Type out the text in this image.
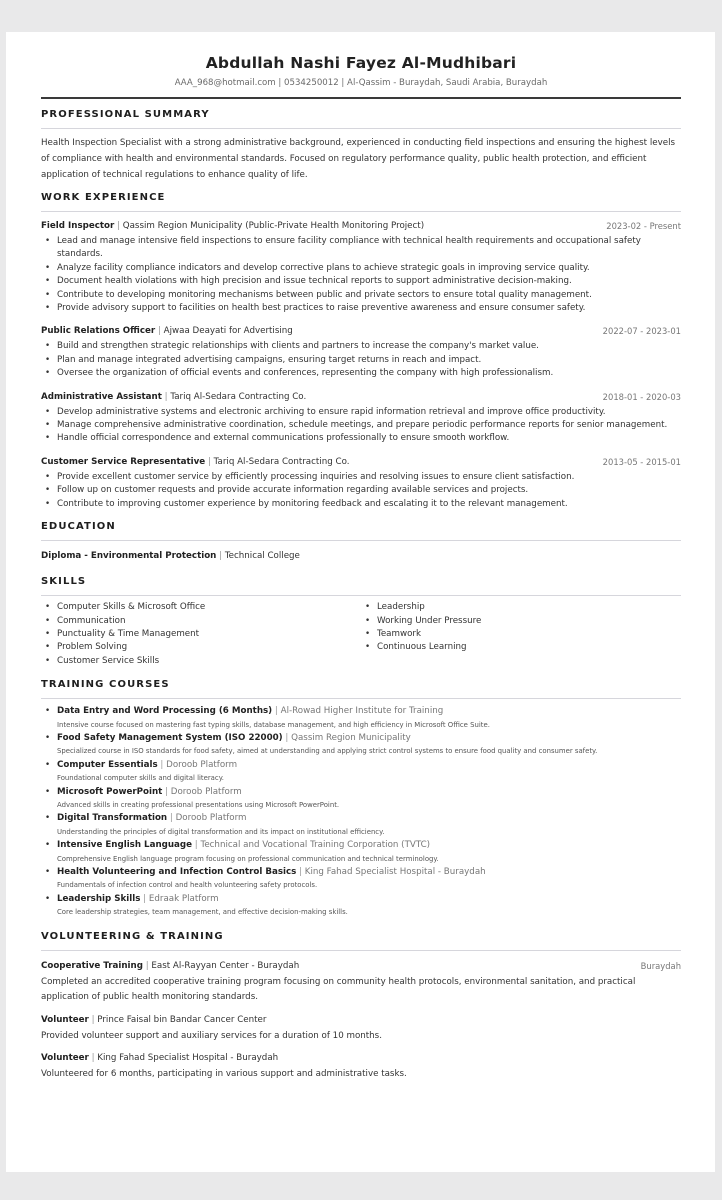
Abdullah Nashi Fayez Al-Mudhibari
AAA_968@hotmail.com | 0534250012 | Al-Qassim - Buraydah, Saudi Arabia, Buraydah
PROFESSIONAL SUMMARY
Health Inspection Specialist with a strong administrative background, experienced in conducting field inspections and ensuring the highest levels of compliance with health and environmental standards. Focused on regulatory performance quality, public health protection, and efficient application of technical regulations to enhance quality of life.
WORK EXPERIENCE
Field Inspector | Qassim Region Municipality (Public-Private Health Monitoring Project)	2023-02 - Present
• Lead and manage intensive field inspections to ensure facility compliance with technical health requirements and occupational safety standards.
• Analyze facility compliance indicators and develop corrective plans to achieve strategic goals in improving service quality.
• Document health violations with high precision and issue technical reports to support administrative decision-making.
• Contribute to developing monitoring mechanisms between public and private sectors to ensure total quality management.
• Provide advisory support to facilities on health best practices to raise preventive awareness and ensure consumer safety.
Public Relations Officer | Ajwaa Deayati for Advertising	2022-07 - 2023-01
• Build and strengthen strategic relationships with clients and partners to increase the company's market value.
• Plan and manage integrated advertising campaigns, ensuring target returns in reach and impact.
• Oversee the organization of official events and conferences, representing the company with high professionalism.
Administrative Assistant | Tariq Al-Sedara Contracting Co.	2018-01 - 2020-03
• Develop administrative systems and electronic archiving to ensure rapid information retrieval and improve office productivity.
• Manage comprehensive administrative coordination, schedule meetings, and prepare periodic performance reports for senior management.
• Handle official correspondence and external communications professionally to ensure smooth workflow.
Customer Service Representative | Tariq Al-Sedara Contracting Co.	2013-05 - 2015-01
• Provide excellent customer service by efficiently processing inquiries and resolving issues to ensure client satisfaction.
• Follow up on customer requests and provide accurate information regarding available services and projects.
• Contribute to improving customer experience by monitoring feedback and escalating it to the relevant management.
EDUCATION
Diploma - Environmental Protection | Technical College
SKILLS
• Computer Skills & Microsoft Office
• Communication
• Punctuality & Time Management
• Problem Solving
• Customer Service Skills
• Leadership
• Working Under Pressure
• Teamwork
• Continuous Learning
TRAINING COURSES
• Data Entry and Word Processing (6 Months) | Al-Rowad Higher Institute for Training
Intensive course focused on mastering fast typing skills, database management, and high efficiency in Microsoft Office Suite.
• Food Safety Management System (ISO 22000) | Qassim Region Municipality
Specialized course in ISO standards for food safety, aimed at understanding and applying strict control systems to ensure food quality and consumer safety.
• Computer Essentials | Doroob Platform
Foundational computer skills and digital literacy.
• Microsoft PowerPoint | Doroob Platform
Advanced skills in creating professional presentations using Microsoft PowerPoint.
• Digital Transformation | Doroob Platform
Understanding the principles of digital transformation and its impact on institutional efficiency.
• Intensive English Language | Technical and Vocational Training Corporation (TVTC)
Comprehensive English language program focusing on professional communication and technical terminology.
• Health Volunteering and Infection Control Basics | King Fahad Specialist Hospital - Buraydah
Fundamentals of infection control and health volunteering safety protocols.
• Leadership Skills | Edraak Platform
Core leadership strategies, team management, and effective decision-making skills.
VOLUNTEERING & TRAINING
Cooperative Training | East Al-Rayyan Center - Buraydah	Buraydah
Completed an accredited cooperative training program focusing on community health protocols, environmental sanitation, and practical application of public health monitoring standards.
Volunteer | Prince Faisal bin Bandar Cancer Center
Provided volunteer support and auxiliary services for a duration of 10 months.
Volunteer | King Fahad Specialist Hospital - Buraydah
Volunteered for 6 months, participating in various support and administrative tasks.
